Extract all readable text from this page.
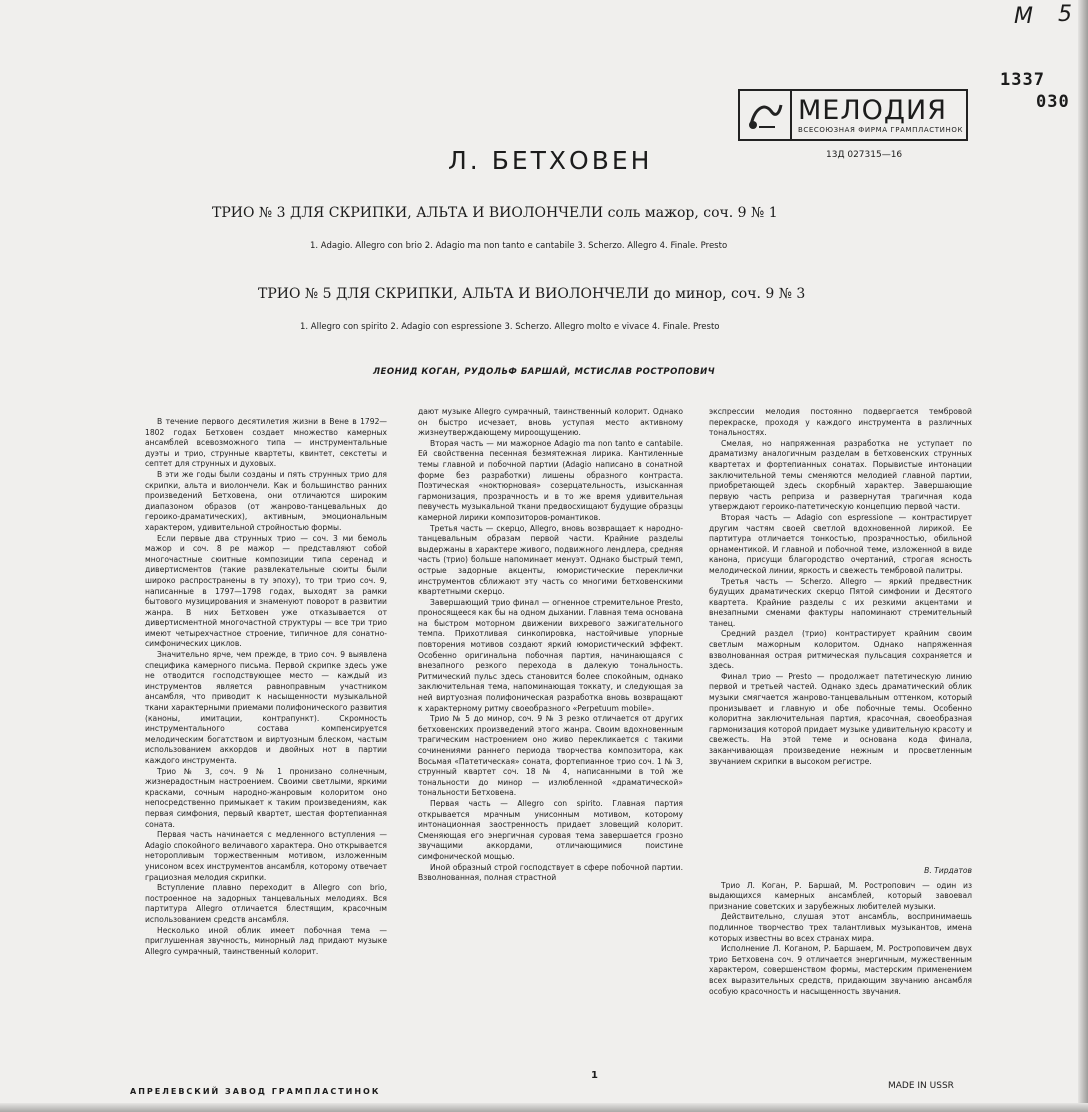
M 5
1337
030
МЕЛОДИЯ
ВСЕСОЮЗНАЯ ФИРМА ГРАМПЛАСТИНОК
13Д 027315—16
Л. БЕТХОВЕН
ТРИО № 3 ДЛЯ СКРИПКИ, АЛЬТА И ВИОЛОНЧЕЛИ соль мажор, соч. 9 № 1
1. Adagio. Allegro con brio 2. Adagio ma non tanto e cantabile 3. Scherzo. Allegro 4. Finale. Presto
ТРИО № 5 ДЛЯ СКРИПКИ, АЛЬТА И ВИОЛОНЧЕЛИ до минор, соч. 9 № 3
1. Allegro con spirito 2. Adagio con espressione 3. Scherzo. Allegro molto e vivace 4. Finale. Presto
ЛЕОНИД КОГАН, РУДОЛЬФ БАРШАЙ, МСТИСЛАВ РОСТРОПОВИЧ

В течение первого десятилетия жизни в Вене в 1792—1802 годах Бетховен создает множество камерных ансамблей всевозможного типа — инструментальные дуэты и трио, струнные квартеты, квинтет, секстеты и септет для струнных и духовых.

В эти же годы были созданы и пять струнных трио для скрипки, альта и виолончели. Как и большинство ранних произведений Бетховена, они отличаются широким диапазоном образов (от жанрово-танцевальных до героико-драматических), активным, эмоциональным характером, удивительной стройностью формы.

Если первые два струнных трио — соч. 3 ми бемоль мажор и соч. 8 ре мажор — представляют собой многочастные сюитные композиции типа серенад и дивертисментов (такие развлекательные сюиты были широко распространены в ту эпоху), то три трио соч. 9, написанные в 1797—1798 годах, выходят за рамки бытового музицирования и знаменуют поворот в развитии жанра. В них Бетховен уже отказывается от дивертисментной многочастной структуры — все три трио имеют четырехчастное строение, типичное для сонатно-симфонических циклов.

Значительно ярче, чем прежде, в трио соч. 9 выявлена специфика камерного письма. Первой скрипке здесь уже не отводится господствующее место — каждый из инструментов является равноправным участником ансамбля, что приводит к насыщенности музыкальной ткани характерными приемами полифонического развития (каноны, имитации, контрапункт). Скромность инструментального состава компенсируется мелодическим богатством и виртуозным блеском, частым использованием аккордов и двойных нот в партии каждого инструмента.

Трио № 3, соч. 9 № 1 пронизано солнечным, жизнерадостным настроением. Своими светлыми, яркими красками, сочным народно-жанровым колоритом оно непосредственно примыкает к таким произведениям, как первая симфония, первый квартет, шестая фортепианная соната.

Первая часть начинается с медленного вступления — Adagio спокойного величавого характера. Оно открывается неторопливым торжественным мотивом, изложенным унисоном всех инструментов ансамбля, которому отвечает грациозная мелодия скрипки.

Вступление плавно переходит в Allegro con brio, построенное на задорных танцевальных мелодиях. Вся партитура Allegro отличается блестящим, красочным использованием средств ансамбля.

Несколько иной облик имеет побочная тема — приглушенная звучность, минорный лад придают музыке Allegro сумрачный, таинственный колорит.

дают музыке Allegro сумрачный, таинственный колорит. Однако он быстро исчезает, вновь уступая место активному жизнеутверждающему мироощущению.

Вторая часть — ми мажорное Adagio ma non tanto e cantabile. Ей свойственна песенная безмятежная лирика. Кантиленные темы главной и побочной партии (Adagio написано в сонатной форме без разработки) лишены образного контраста. Поэтическая «ноктюрновая» созерцательность, изысканная гармонизация, прозрачность и в то же время удивительная певучесть музыкальной ткани предвосхищают будущие образцы камерной лирики композиторов-романтиков.

Третья часть — скерцо, Allegro, вновь возвращает к народно-танцевальным образам первой части. Крайние разделы выдержаны в характере живого, подвижного лендлера, средняя часть (трио) больше напоминает менуэт. Однако быстрый темп, острые задорные акценты, юмористические переклички инструментов сближают эту часть со многими бетховенскими квартетными скерцо.

Завершающий трио финал — огненное стремительное Presto, проносящееся как бы на одном дыхании. Главная тема основана на быстром моторном движении вихревого зажигательного темпа. Прихотливая синкопировка, настойчивые упорные повторения мотивов создают яркий юмористический эффект. Особенно оригинальна побочная партия, начинающаяся с внезапного резкого перехода в далекую тональность. Ритмический пульс здесь становится более спокойным, однако заключительная тема, напоминающая токкату, и следующая за ней виртуозная полифоническая разработка вновь возвращают к характерному ритму своеобразного «Perpetuum mobile».

Трио № 5 до минор, соч. 9 № 3 резко отличается от других бетховенских произведений этого жанра. Своим вдохновенным трагическим настроением оно живо перекликается с такими сочинениями раннего периода творчества композитора, как Восьмая «Патетическая» соната, фортепианное трио соч. 1 № 3, струнный квартет соч. 18 № 4, написанными в той же тональности до минор — излюбленной «драматической» тональности Бетховена.

Первая часть — Allegro con spirito. Главная партия открывается мрачным унисонным мотивом, которому интонационная заостренность придает зловещий колорит. Сменяющая его энергичная суровая тема завершается грозно звучащими аккордами, отличающимися поистине симфонической мощью.

Иной образный строй господствует в сфере побочной партии. Взволнованная, полная страстной

экспрессии мелодия постоянно подвергается тембровой перекраске, проходя у каждого инструмента в различных тональностях.

Смелая, но напряженная разработка не уступает по драматизму аналогичным разделам в бетховенских струнных квартетах и фортепианных сонатах. Порывистые интонации заключительной темы сменяются мелодией главной партии, приобретающей здесь скорбный характер. Завершающие первую часть реприза и развернутая трагичная кода утверждают героико-патетическую концепцию первой части.

Вторая часть — Adagio con espressione — контрастирует другим частям своей светлой вдохновенной лирикой. Ее партитура отличается тонкостью, прозрачностью, обильной орнаментикой. И главной и побочной теме, изложенной в виде канона, присущи благородство очертаний, строгая ясность мелодической линии, яркость и свежесть тембровой палитры.

Третья часть — Scherzo. Allegro — яркий предвестник будущих драматических скерцо Пятой симфонии и Десятого квартета. Крайние разделы с их резкими акцентами и внезапными сменами фактуры напоминают стремительный танец.

Средний раздел (трио) контрастирует крайним своим светлым мажорным колоритом. Однако напряженная взволнованная острая ритмическая пульсация сохраняется и здесь.

Финал трио — Presto — продолжает патетическую линию первой и третьей частей. Однако здесь драматический облик музыки смягчается жанрово-танцевальным оттенком, который пронизывает и главную и обе побочные темы. Особенно колоритна заключительная партия, красочная, своеобразная гармонизация которой придает музыке удивительную красоту и свежесть. На этой теме и основана кода финала, заканчивающая произведение нежным и просветленным звучанием скрипки в высоком регистре.

В. Тирдатов

Трио Л. Коган, Р. Баршай, М. Ростропович — один из выдающихся камерных ансамблей, который завоевал признание советских и зарубежных любителей музыки.

Действительно, слушая этот ансамбль, воспринимаешь подлинное творчество трех талантливых музыкантов, имена которых известны во всех странах мира.

Исполнение Л. Коганом, Р. Баршаем, М. Ростроповичем двух трио Бетховена соч. 9 отличается энергичным, мужественным характером, совершенством формы, мастерским применением всех выразительных средств, придающим звучанию ансамбля особую красочность и насыщенность звучания.

АПРЕЛЕВСКИЙ ЗАВОД ГРАМПЛАСТИНОК
1
MADE IN USSR
